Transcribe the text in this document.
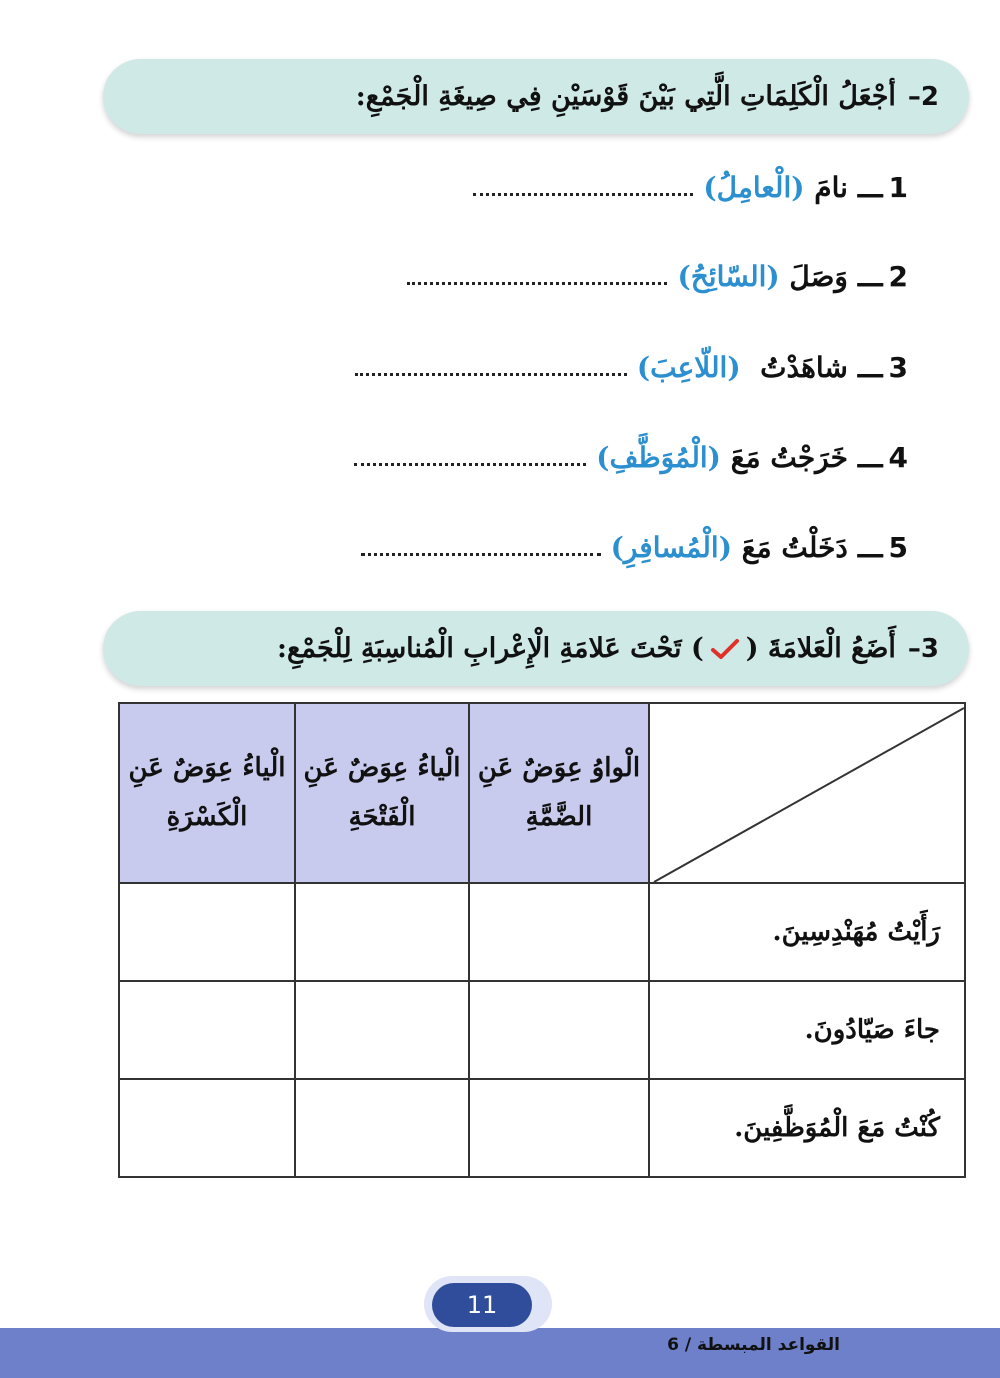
2–
أجْعَلُ الْكَلِمَاتِ الَّتِي بَيْنَ قَوْسَيْنِ فِي صِيغَةِ الْجَمْعِ:
1
ـــ
نامَ

(الْعامِلُ)
2
ـــ
وَصَلَ

(السّائِحُ)
3
ـــ
شاهَدْتُ

(اللّاعِبَ)
4
ـــ
خَرَجْتُ مَعَ

(الْمُوَظَّفِ)
5
ـــ
دَخَلْتُ مَعَ

(الْمُسافِرِ)
3–
أَضَعُ الْعَلامَةَ (
) تَحْتَ عَلامَةِ الْإِعْرابِ الْمُناسِبَةِ لِلْجَمْعِ:
	الْواوُ عِوَضٌ عَنِ الضَّمَّةِ	الْياءُ عِوَضٌ عَنِ الْفَتْحَةِ	الْياءُ عِوَضٌ عَنِ الْكَسْرَةِ
رَأَيْتُ مُهَنْدِسِينَ.			
جاءَ صَيّادُونَ.			
كُنْتُ مَعَ الْمُوَظَّفِينَ.			
القواعد المبسطة / 6
11
